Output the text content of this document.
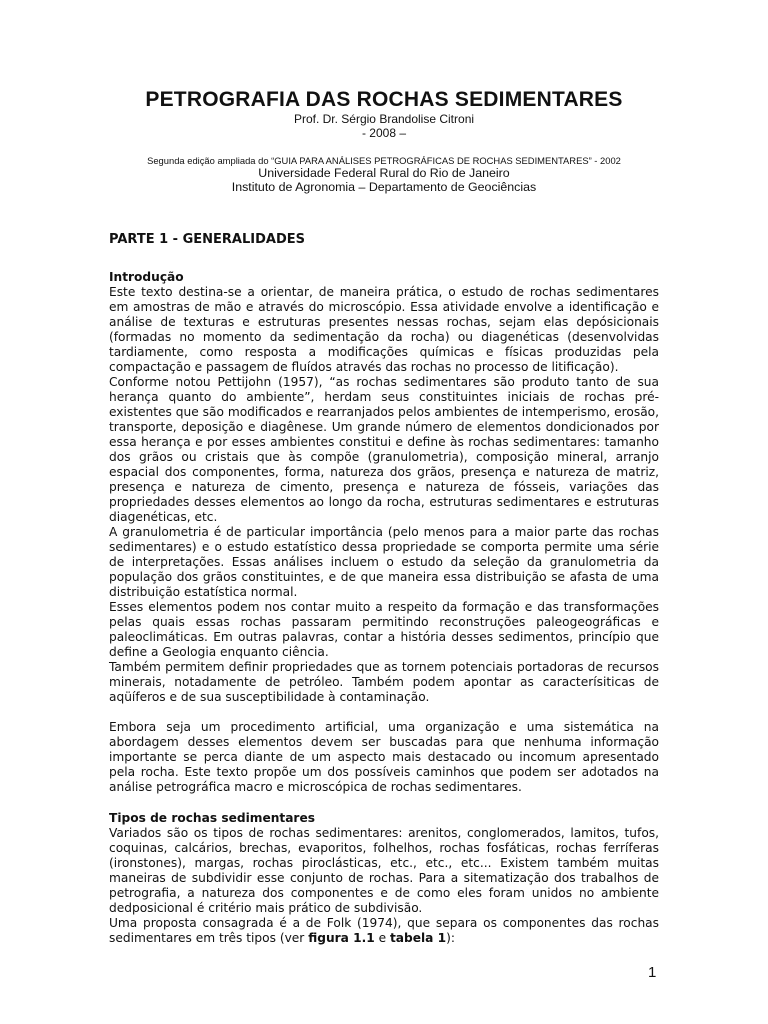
PETROGRAFIA DAS ROCHAS SEDIMENTARES
Prof. Dr. Sérgio Brandolise Citroni
- 2008 –
Segunda edição ampliada do “GUIA PARA ANÁLISES PETROGRÁFICAS DE ROCHAS SEDIMENTARES” - 2002
Universidade Federal Rural do Rio de Janeiro
Instituto de Agronomia – Departamento de Geociências
PARTE 1 - GENERALIDADES
Introdução

Este texto destina-se a orientar, de maneira prática, o estudo de rochas sedimentares em amostras de mão e através do microscópio. Essa atividade envolve a identificação e análise de texturas e estruturas presentes nessas rochas, sejam elas depósicionais (formadas no momento da sedimentação da rocha) ou diagenéticas (desenvolvidas tardiamente, como resposta a modificações químicas e físicas produzidas pela compactação e passagem de fluídos através das rochas no processo de litificação).

Conforme notou Pettijohn (1957), “as rochas sedimentares são produto tanto de sua herança quanto do ambiente”, herdam seus constituintes iniciais de rochas pré-existentes que são modificados e rearranjados pelos ambientes de intemperismo, erosão, transporte, deposição e diagênese. Um grande número de elementos dondicionados por essa herança e por esses ambientes constitui e define às rochas sedimentares: tamanho dos grãos ou cristais que às compõe (granulometria), composição mineral, arranjo espacial dos componentes, forma, natureza dos grãos, presença e natureza de matriz, presença e natureza de cimento, presença e natureza de fósseis, variações das propriedades desses elementos ao longo da rocha, estruturas sedimentares e estruturas diagenéticas, etc.

A granulometria é de particular importância (pelo menos para a maior parte das rochas sedimentares) e o estudo estatístico dessa propriedade se comporta permite uma série de interpretações. Essas análises incluem o estudo da seleção da granulometria da população dos grãos constituintes, e de que maneira essa distribuição se afasta de uma distribuição estatística normal.

Esses elementos podem nos contar muito a respeito da formação e das transformações pelas quais essas rochas passaram permitindo reconstruções paleogeográficas e paleoclimáticas. Em outras palavras, contar a história desses sedimentos, princípio que define a Geologia enquanto ciência.

Também permitem definir propriedades que as tornem potenciais portadoras de recursos minerais, notadamente de petróleo. Também podem apontar as caracterísiticas de aqüíferos e de sua susceptibilidade à contaminação.

Embora seja um procedimento artificial, uma organização e uma sistemática na abordagem desses elementos devem ser buscadas para que nenhuma informação importante se perca diante de um aspecto mais destacado ou incomum apresentado pela rocha. Este texto propõe um dos possíveis caminhos que podem ser adotados na análise petrográfica macro e microscópica de rochas sedimentares.

Tipos de rochas sedimentares

Variados são os tipos de rochas sedimentares: arenitos, conglomerados, lamitos, tufos, coquinas, calcários, brechas, evaporitos, folhelhos, rochas fosfáticas, rochas ferríferas (ironstones), margas, rochas piroclásticas, etc., etc., etc... Existem também muitas maneiras de subdividir esse conjunto de rochas. Para a sitematização dos trabalhos de petrografia, a natureza dos componentes e de como eles foram unidos no ambiente dedposicional é critério mais prático de subdivisão.

Uma proposta consagrada é a de Folk (1974), que separa os componentes das rochas sedimentares em três tipos (ver figura 1.1 e tabela 1):

1
